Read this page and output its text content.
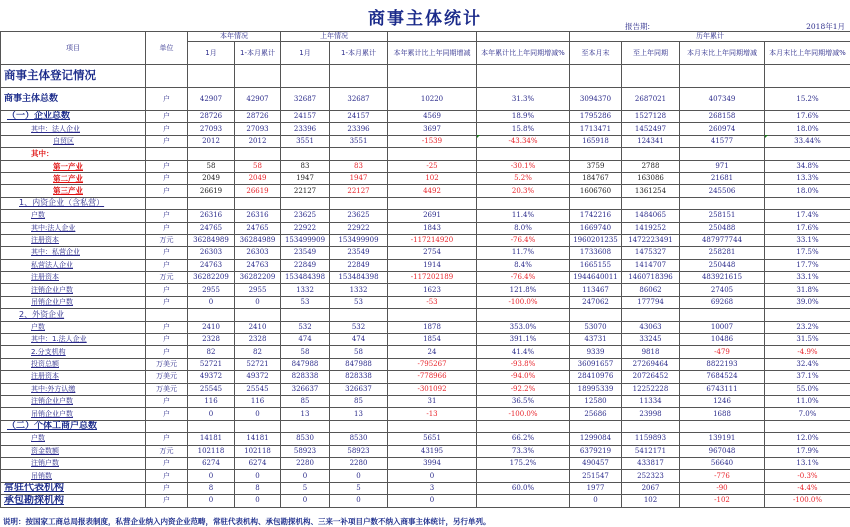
商事主体统计	报告期:	2018年1月
项目	单位	本年情况		上年情况				历年累计			
		1月	1-本月累计	1月	1-本月累计	本年累计比上年同期增减	本年累计比上年同期增减%	至本月末	至上年同期	本月末比上年同期增减	本月末比上年同期增减%
商事主体登记情况											
商事主体总数	户	42907	42907	32687	32687	10220	31.3%	3094370	2687021	407349	15.2%
（一）企业总数	户	28726	28726	24157	24157	4569	18.9%	1795286	1527128	268158	17.6%
其中：法人企业	户	27093	27093	23396	23396	3697	15.8%	1713471	1452497	260974	18.0%
自贸区	户	2012	2012	3551	3551	-1539	-43.34%	165918	124341	41577	33.44%
其中：											
第一产业	户	58	58	83	83	-25	-30.1%	3759	2788	971	34.8%
第二产业	户	2049	2049	1947	1947	102	5.2%	184767	163086	21681	13.3%
第三产业	户	26619	26619	22127	22127	4492	20.3%	1606760	1361254	245506	18.0%
1、内资企业（含私营）											
户数	户	26316	26316	23625	23625	2691	11.4%	1742216	1484065	258151	17.4%
其中:法人企业	户	24765	24765	22922	22922	1843	8.0%	1669740	1419252	250488	17.6%
注册资本	万元	36284989	36284989	153499909	153499909	-117214920	-76.4%	1960201235	1472223491	487977744	33.1%
其中：私营企业	户	26303	26303	23549	23549	2754	11.7%	1733608	1475327	258281	17.5%
私营法人企业	户	24763	24763	22849	22849	1914	8.4%	1665155	1414707	250448	17.7%
注册资本	万元	36282209	36282209	153484398	153484398	-117202189	-76.4%	1944640011	1460718396	483921615	33.1%
注销企业户数	户	2955	2955	1332	1332	1623	121.8%	113467	86062	27405	31.8%
吊销企业户数	户	0	0	53	53	-53	-100.0%	247062	177794	69268	39.0%
2、外资企业											
户数	户	2410	2410	532	532	1878	353.0%	53070	43063	10007	23.2%
其中：1.法人企业	户	2328	2328	474	474	1854	391.1%	43731	33245	10486	31.5%
2.分支机构	户	82	82	58	58	24	41.4%	9339	9818	-479	-4.9%
投资总额	万美元	52721	52721	847988	847988	-795267	-93.8%	36091657	27269464	8822193	32.4%
注册资本	万美元	49372	49372	828338	828338	-778966	-94.0%	28410976	20726452	7684524	37.1%
其中:外方认缴	万美元	25545	25545	326637	326637	-301092	-92.2%	18995339	12252228	6743111	55.0%
注销企业户数	户	116	116	85	85	31	36.5%	12580	11334	1246	11.0%
吊销企业户数	户	0	0	13	13	-13	-100.0%	25686	23998	1688	7.0%
（二）个体工商户总数											
户数	户	14181	14181	8530	8530	5651	66.2%	1299084	1159893	139191	12.0%
资金数额	万元	102118	102118	58923	58923	43195	73.3%	6379219	5412171	967048	17.9%
注销户数	户	6274	6274	2280	2280	3994	175.2%	490457	433817	56640	13.1%
吊销数	户	0	0	0	0	0		251547	252323	-776	-0.3%
常驻代表机构	户	8	8	5	5	3	60.0%	1977	2067	-90	-4.4%
承包勘探机构	户	0	0	0	0	0		0	102	-102	-100.0%
说明：按国家工商总局报表制度，私营企业纳入内资企业范畴，常驻代表机构、承包勘探机构、三来一补项目户数不纳入商事主体统计，另行单列。
